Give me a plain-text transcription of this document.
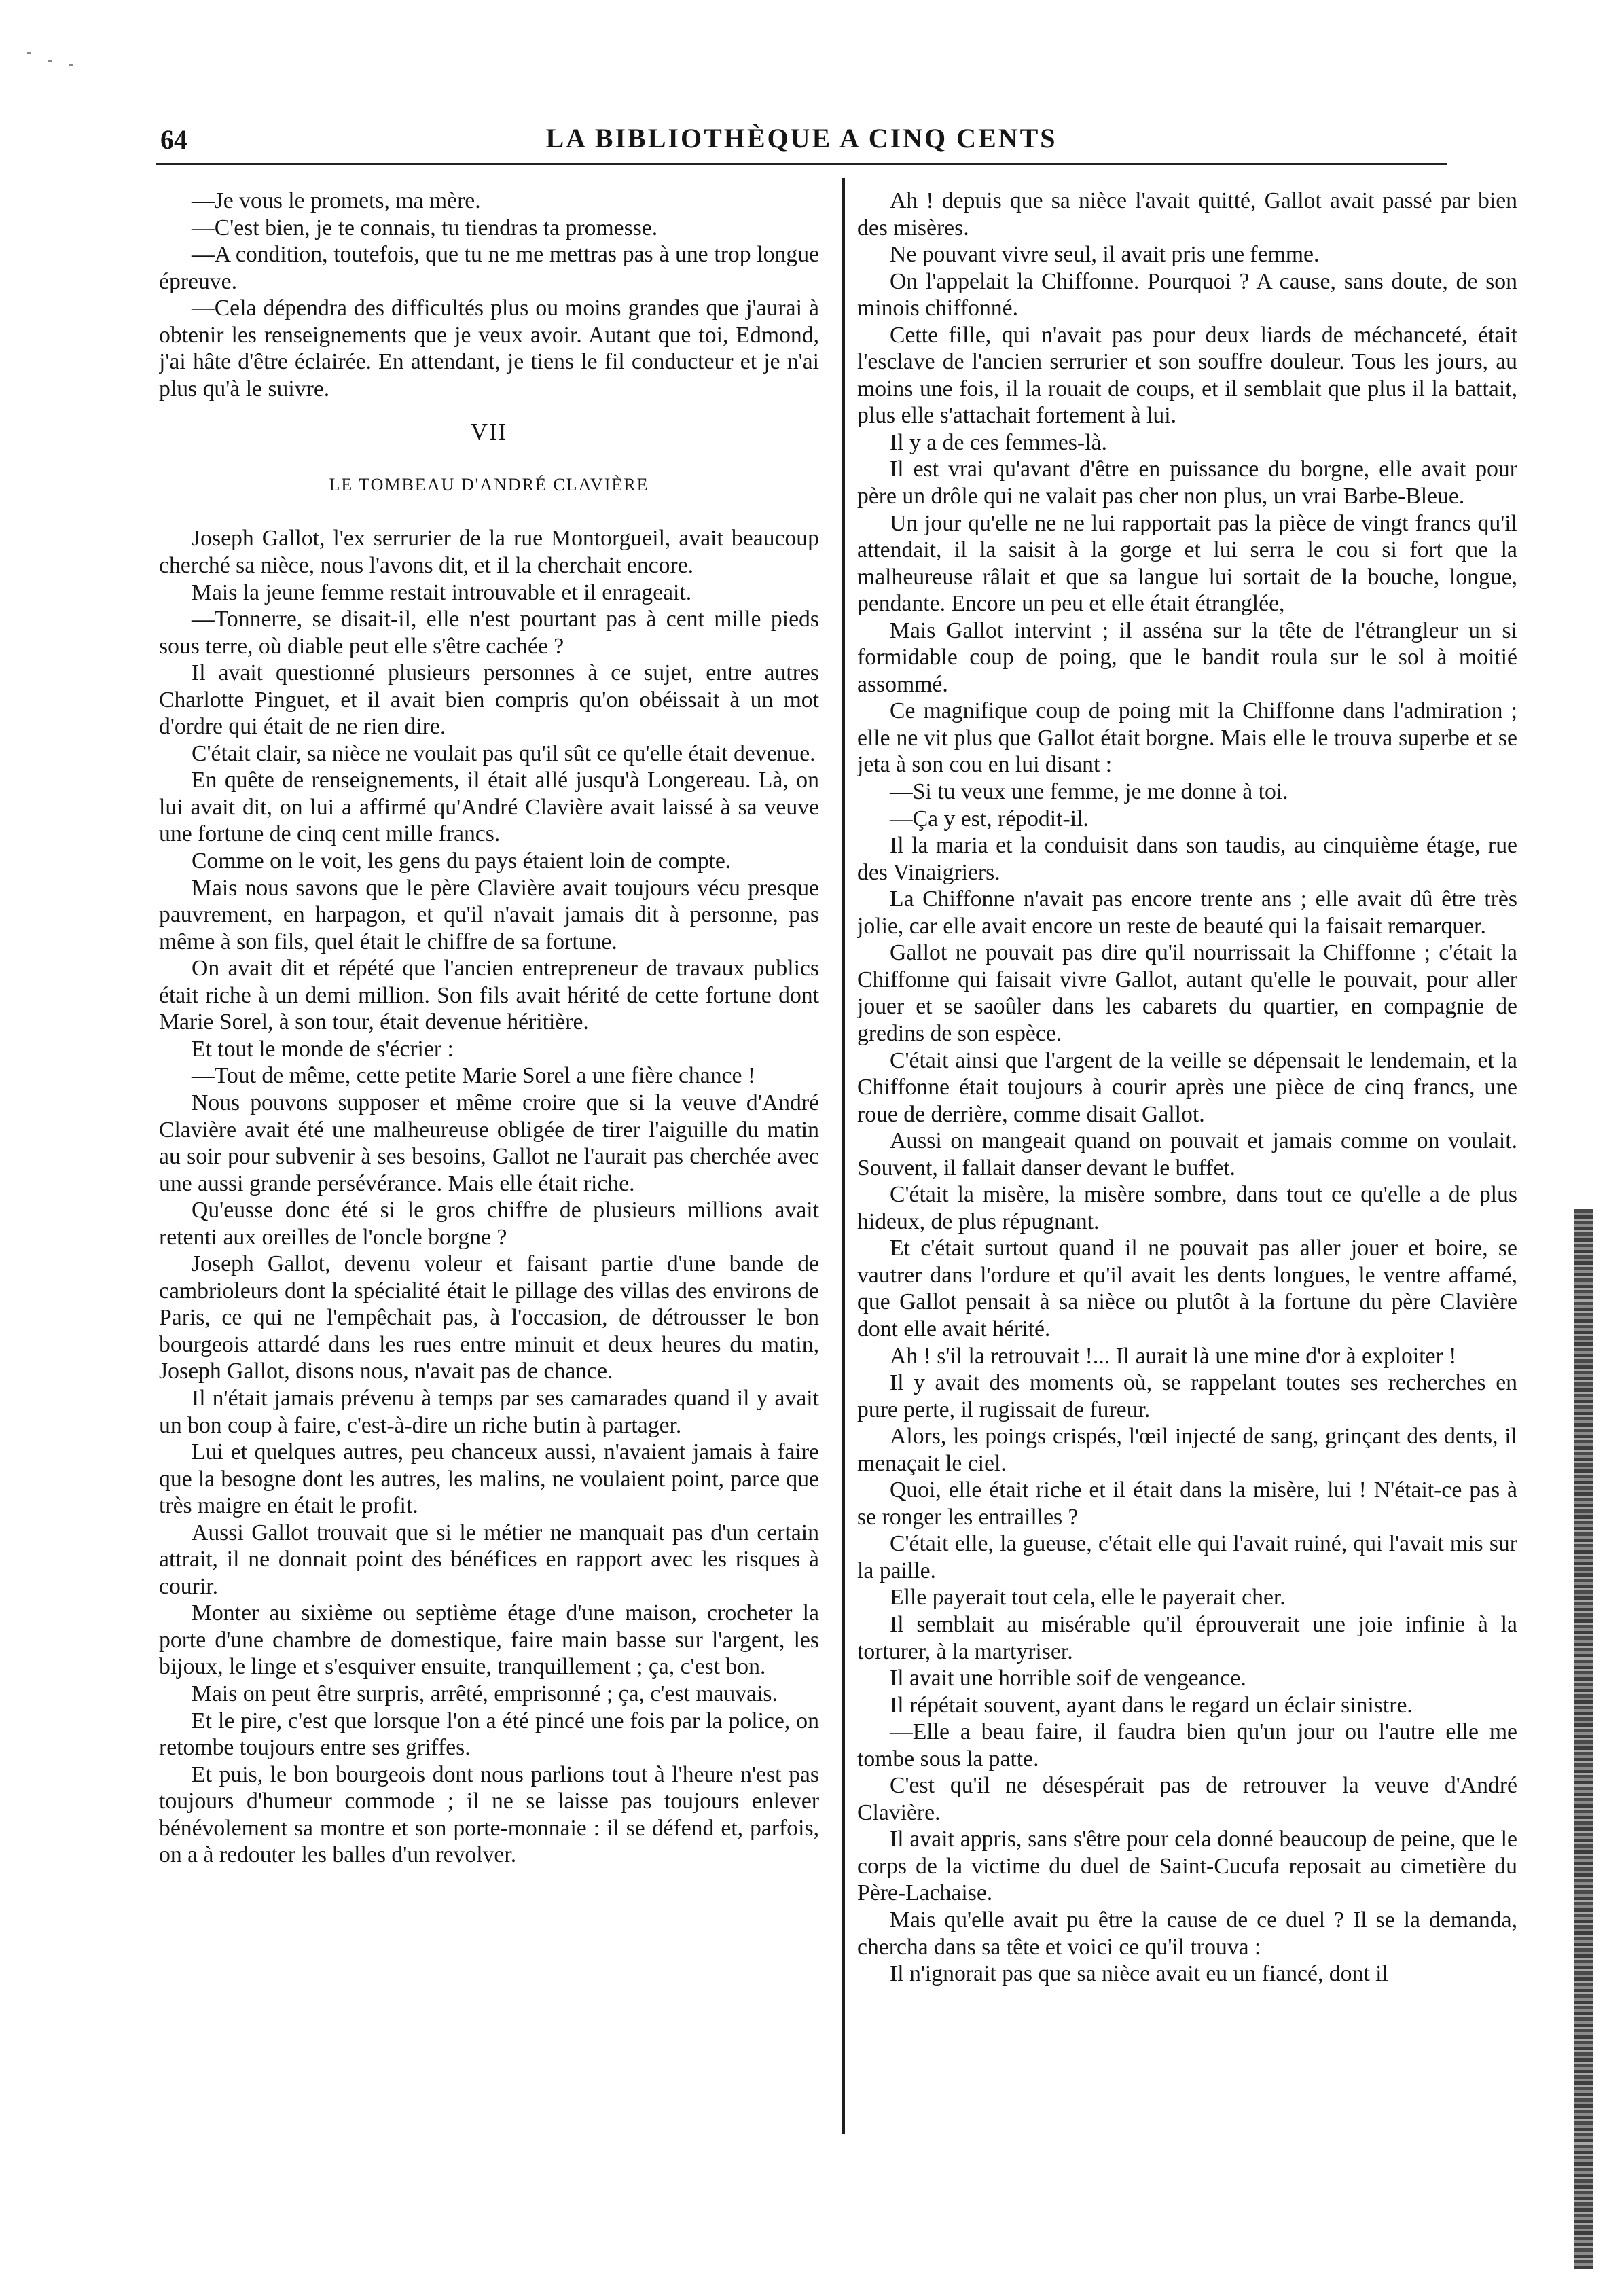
64	LA BIBLIOTHÈQUE A CINQ CENTS

—Je vous le promets, ma mère.

—C'est bien, je te connais, tu tiendras ta promesse.

—A condition, toutefois, que tu ne me mettras pas à une trop longue épreuve.

—Cela dépendra des difficultés plus ou moins grandes que j'aurai à obtenir les renseignements que je veux avoir. Autant que toi, Edmond, j'ai hâte d'être éclairée. En attendant, je tiens le fil conducteur et je n'ai plus qu'à le suivre.

VII

LE TOMBEAU D'ANDRÉ CLAVIÈRE

Joseph Gallot, l'ex serrurier de la rue Montorgueil, avait beaucoup cherché sa nièce, nous l'avons dit, et il la cherchait encore.

Mais la jeune femme restait introuvable et il enrageait.

—Tonnerre, se disait-il, elle n'est pourtant pas à cent mille pieds sous terre, où diable peut elle s'être cachée ?

Il avait questionné plusieurs personnes à ce sujet, entre autres Charlotte Pinguet, et il avait bien compris qu'on obéissait à un mot d'ordre qui était de ne rien dire.

C'était clair, sa nièce ne voulait pas qu'il sût ce qu'elle était devenue.

En quête de renseignements, il était allé jusqu'à Longereau. Là, on lui avait dit, on lui a affirmé qu'André Clavière avait laissé à sa veuve une fortune de cinq cent mille francs.

Comme on le voit, les gens du pays étaient loin de compte.

Mais nous savons que le père Clavière avait toujours vécu presque pauvrement, en harpagon, et qu'il n'avait jamais dit à personne, pas même à son fils, quel était le chiffre de sa fortune.

On avait dit et répété que l'ancien entrepreneur de travaux publics était riche à un demi million. Son fils avait hérité de cette fortune dont Marie Sorel, à son tour, était devenue héritière.

Et tout le monde de s'écrier :

—Tout de même, cette petite Marie Sorel a une fière chance !

Nous pouvons supposer et même croire que si la veuve d'André Clavière avait été une malheureuse obligée de tirer l'aiguille du matin au soir pour subvenir à ses besoins, Gallot ne l'aurait pas cherchée avec une aussi grande persévérance. Mais elle était riche.

Qu'eusse donc été si le gros chiffre de plusieurs millions avait retenti aux oreilles de l'oncle borgne ?

Joseph Gallot, devenu voleur et faisant partie d'une bande de cambrioleurs dont la spécialité était le pillage des villas des environs de Paris, ce qui ne l'empêchait pas, à l'occasion, de détrousser le bon bourgeois attardé dans les rues entre minuit et deux heures du matin, Joseph Gallot, disons nous, n'avait pas de chance.

Il n'était jamais prévenu à temps par ses camarades quand il y avait un bon coup à faire, c'est-à-dire un riche butin à partager.

Lui et quelques autres, peu chanceux aussi, n'avaient jamais à faire que la besogne dont les autres, les malins, ne voulaient point, parce que très maigre en était le profit.

Aussi Gallot trouvait que si le métier ne manquait pas d'un certain attrait, il ne donnait point des bénéfices en rapport avec les risques à courir.

Monter au sixième ou septième étage d'une maison, crocheter la porte d'une chambre de domestique, faire main basse sur l'argent, les bijoux, le linge et s'esquiver ensuite, tranquillement ; ça, c'est bon.

Mais on peut être surpris, arrêté, emprisonné ; ça, c'est mauvais.

Et le pire, c'est que lorsque l'on a été pincé une fois par la police, on retombe toujours entre ses griffes.

Et puis, le bon bourgeois dont nous parlions tout à l'heure n'est pas toujours d'humeur commode ; il ne se laisse pas toujours enlever bénévolement sa montre et son porte-monnaie : il se défend et, parfois, on a à redouter les balles d'un revolver.

Ah ! depuis que sa nièce l'avait quitté, Gallot avait passé par bien des misères.

Ne pouvant vivre seul, il avait pris une femme.

On l'appelait la Chiffonne. Pourquoi ? A cause, sans doute, de son minois chiffonné.

Cette fille, qui n'avait pas pour deux liards de méchanceté, était l'esclave de l'ancien serrurier et son souffre douleur. Tous les jours, au moins une fois, il la rouait de coups, et il semblait que plus il la battait, plus elle s'attachait fortement à lui.

Il y a de ces femmes-là.

Il est vrai qu'avant d'être en puissance du borgne, elle avait pour père un drôle qui ne valait pas cher non plus, un vrai Barbe-Bleue.

Un jour qu'elle ne ne lui rapportait pas la pièce de vingt francs qu'il attendait, il la saisit à la gorge et lui serra le cou si fort que la malheureuse râlait et que sa langue lui sortait de la bouche, longue, pendante. Encore un peu et elle était étranglée,

Mais Gallot intervint ; il asséna sur la tête de l'étrangleur un si formidable coup de poing, que le bandit roula sur le sol à moitié assommé.

Ce magnifique coup de poing mit la Chiffonne dans l'admiration ; elle ne vit plus que Gallot était borgne. Mais elle le trouva superbe et se jeta à son cou en lui disant :

—Si tu veux une femme, je me donne à toi.

—Ça y est, répodit-il.

Il la maria et la conduisit dans son taudis, au cinquième étage, rue des Vinaigriers.

La Chiffonne n'avait pas encore trente ans ; elle avait dû être très jolie, car elle avait encore un reste de beauté qui la faisait remarquer.

Gallot ne pouvait pas dire qu'il nourrissait la Chiffonne ; c'était la Chiffonne qui faisait vivre Gallot, autant qu'elle le pouvait, pour aller jouer et se saoûler dans les cabarets du quartier, en compagnie de gredins de son espèce.

C'était ainsi que l'argent de la veille se dépensait le lendemain, et la Chiffonne était toujours à courir après une pièce de cinq francs, une roue de derrière, comme disait Gallot.

Aussi on mangeait quand on pouvait et jamais comme on voulait. Souvent, il fallait danser devant le buffet.

C'était la misère, la misère sombre, dans tout ce qu'elle a de plus hideux, de plus répugnant.

Et c'était surtout quand il ne pouvait pas aller jouer et boire, se vautrer dans l'ordure et qu'il avait les dents longues, le ventre affamé, que Gallot pensait à sa nièce ou plutôt à la fortune du père Clavière dont elle avait hérité.

Ah ! s'il la retrouvait !... Il aurait là une mine d'or à exploiter !

Il y avait des moments où, se rappelant toutes ses recherches en pure perte, il rugissait de fureur.

Alors, les poings crispés, l'œil injecté de sang, grinçant des dents, il menaçait le ciel.

Quoi, elle était riche et il était dans la misère, lui ! N'était-ce pas à se ronger les entrailles ?

C'était elle, la gueuse, c'était elle qui l'avait ruiné, qui l'avait mis sur la paille.

Elle payerait tout cela, elle le payerait cher.

Il semblait au misérable qu'il éprouverait une joie infinie à la torturer, à la martyriser.

Il avait une horrible soif de vengeance.

Il répétait souvent, ayant dans le regard un éclair sinistre.

—Elle a beau faire, il faudra bien qu'un jour ou l'autre elle me tombe sous la patte.

C'est qu'il ne désespérait pas de retrouver la veuve d'André Clavière.

Il avait appris, sans s'être pour cela donné beaucoup de peine, que le corps de la victime du duel de Saint-Cucufa reposait au cimetière du Père-Lachaise.

Mais qu'elle avait pu être la cause de ce duel ? Il se la demanda, chercha dans sa tête et voici ce qu'il trouva :

Il n'ignorait pas que sa nièce avait eu un fiancé, dont il
